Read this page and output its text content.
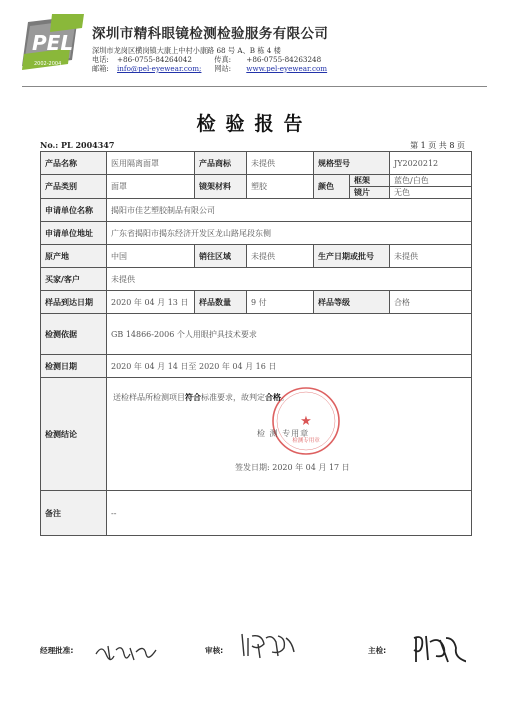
PEL
2002-2004
深圳市精科眼镜检测检验服务有限公司
深圳市龙岗区横岗镇大康上中村小康路 68 号 A、B 栋 4 楼
电话: +86-0755-84264042	传真: +86-0755-84263248
邮箱: info@pel-eyewear.com; 网站: www.pel-eyewear.com
检验报告
No.: PL 2004347	第 1 页 共 8 页
产品名称	医用隔离面罩	产品商标	未提供	规格型号		JY2020212
产品类别	面罩	镜架材料	塑胶	颜色	框架	蓝色/白色
					镜片	无色
申请单位名称	揭阳市佳艺塑胶制品有限公司					
申请单位地址	广东省揭阳市揭东经济开发区龙山路尾段东侧					
原产地	中国	销往区域	未提供	生产日期或批号		未提供
买家/客户	未提供					
样品到达日期	2020 年 04 月 13 日	样品数量	9 付	样品等级		合格
检测依据	GB 14866-2006 个人用眼护具技术要求					
检测日期	2020 年 04 月 14 日至 2020 年 04 月 16 日					
检测结论	★
检测专用章
送检样品所检测项目符合标准要求，故判定合格。
检 测 专用章
签发日期: 2020 年 04 月 17 日					

备注	--					
经理批准:	审核:	主检:
